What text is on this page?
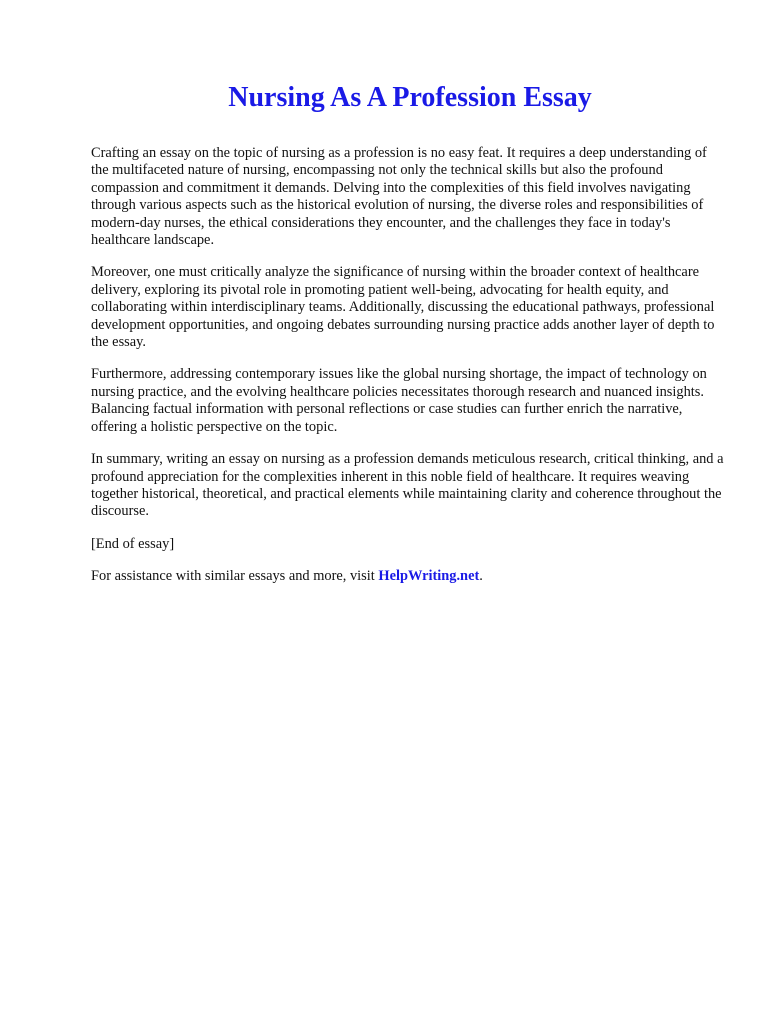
Nursing As A Profession Essay

Crafting an essay on the topic of nursing as a profession is no easy feat. It requires a deep understanding of the multifaceted nature of nursing, encompassing not only the technical skills but also the profound compassion and commitment it demands. Delving into the complexities of this field involves navigating through various aspects such as the historical evolution of nursing, the diverse roles and responsibilities of modern-day nurses, the ethical considerations they encounter, and the challenges they face in today's healthcare landscape.

Moreover, one must critically analyze the significance of nursing within the broader context of healthcare delivery, exploring its pivotal role in promoting patient well-being, advocating for health equity, and collaborating within interdisciplinary teams. Additionally, discussing the educational pathways, professional development opportunities, and ongoing debates surrounding nursing practice adds another layer of depth to the essay.

Furthermore, addressing contemporary issues like the global nursing shortage, the impact of technology on nursing practice, and the evolving healthcare policies necessitates thorough research and nuanced insights. Balancing factual information with personal reflections or case studies can further enrich the narrative, offering a holistic perspective on the topic.

In summary, writing an essay on nursing as a profession demands meticulous research, critical thinking, and a profound appreciation for the complexities inherent in this noble field of healthcare. It requires weaving together historical, theoretical, and practical elements while maintaining clarity and coherence throughout the discourse.

[End of essay]

For assistance with similar essays and more, visit HelpWriting.net.
